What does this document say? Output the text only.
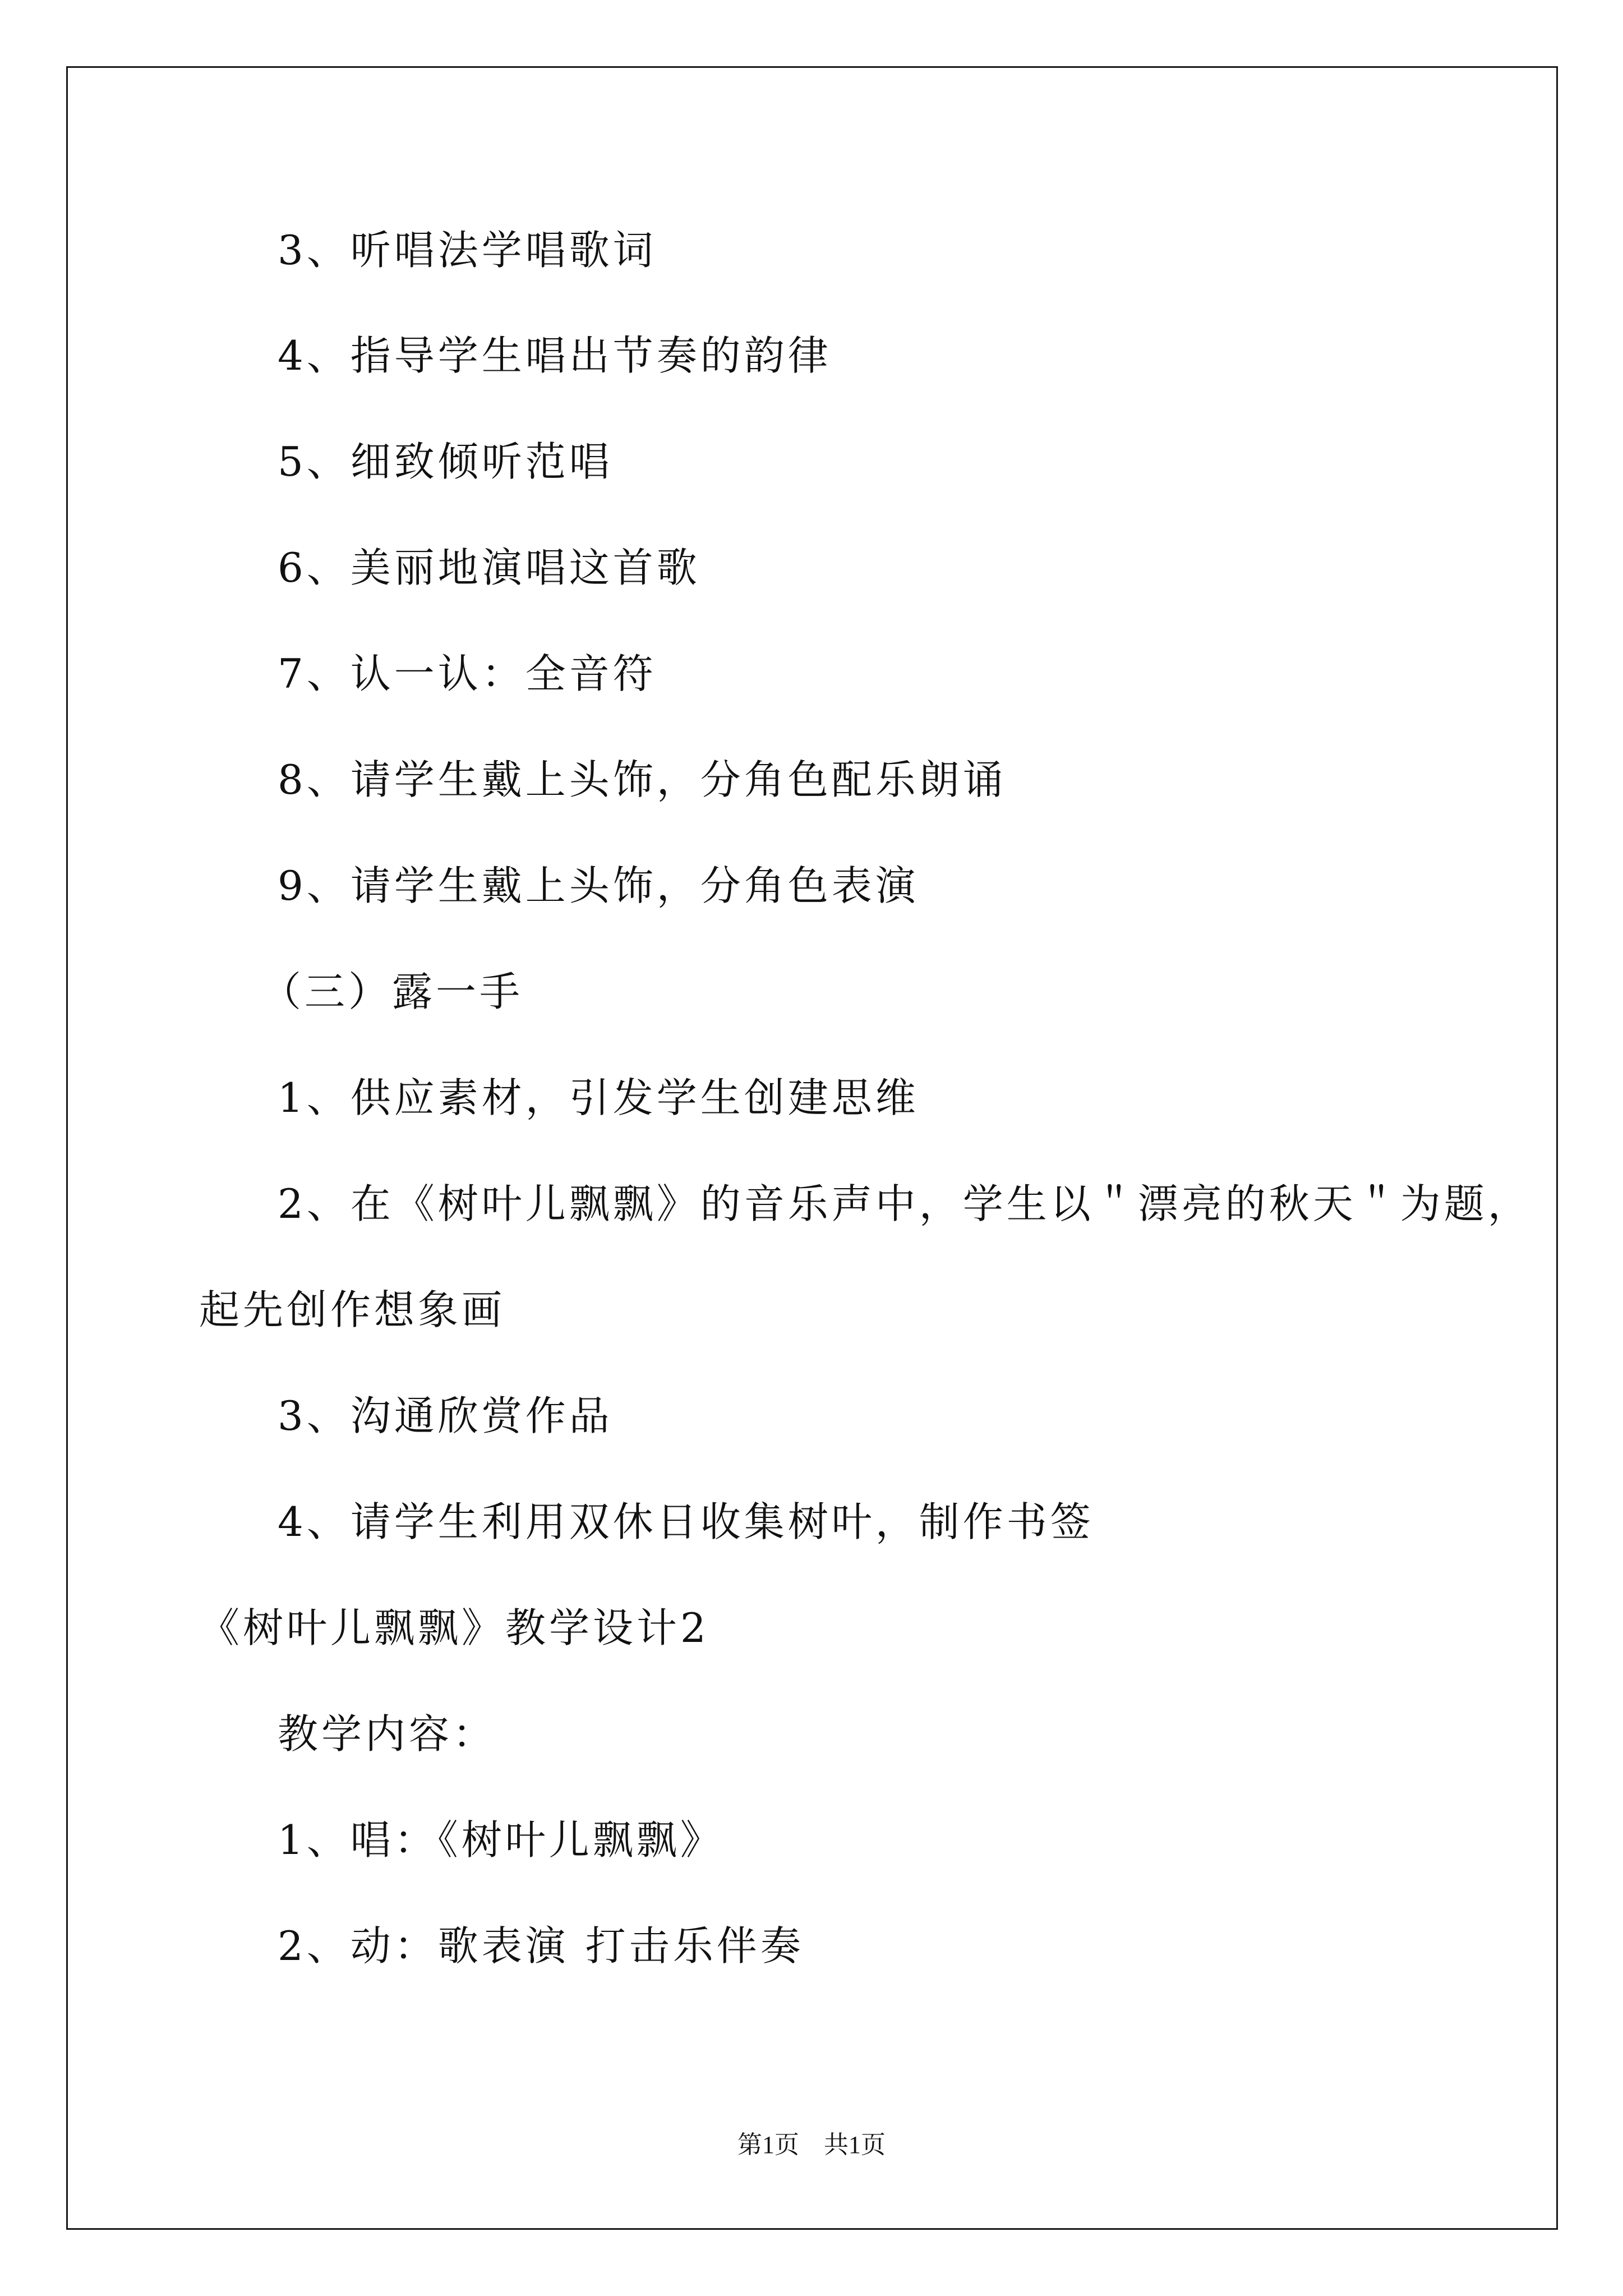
3、听唱法学唱歌词
4、指导学生唱出节奏的韵律
5、细致倾听范唱
6、美丽地演唱这首歌
7、认一认：全音符
8、请学生戴上头饰，分角色配乐朗诵
9、请学生戴上头饰，分角色表演
（三）露一手
1、供应素材，引发学生创建思维
2、在《树叶儿飘飘》的音乐声中，学生以＂漂亮的秋天＂为题，
起先创作想象画
3、沟通欣赏作品
4、请学生利用双休日收集树叶，制作书签
《树叶儿飘飘》教学设计2
教学内容：
1、唱：《树叶儿飘飘》
2、动：歌表演 打击乐伴奏
第1页　共1页
